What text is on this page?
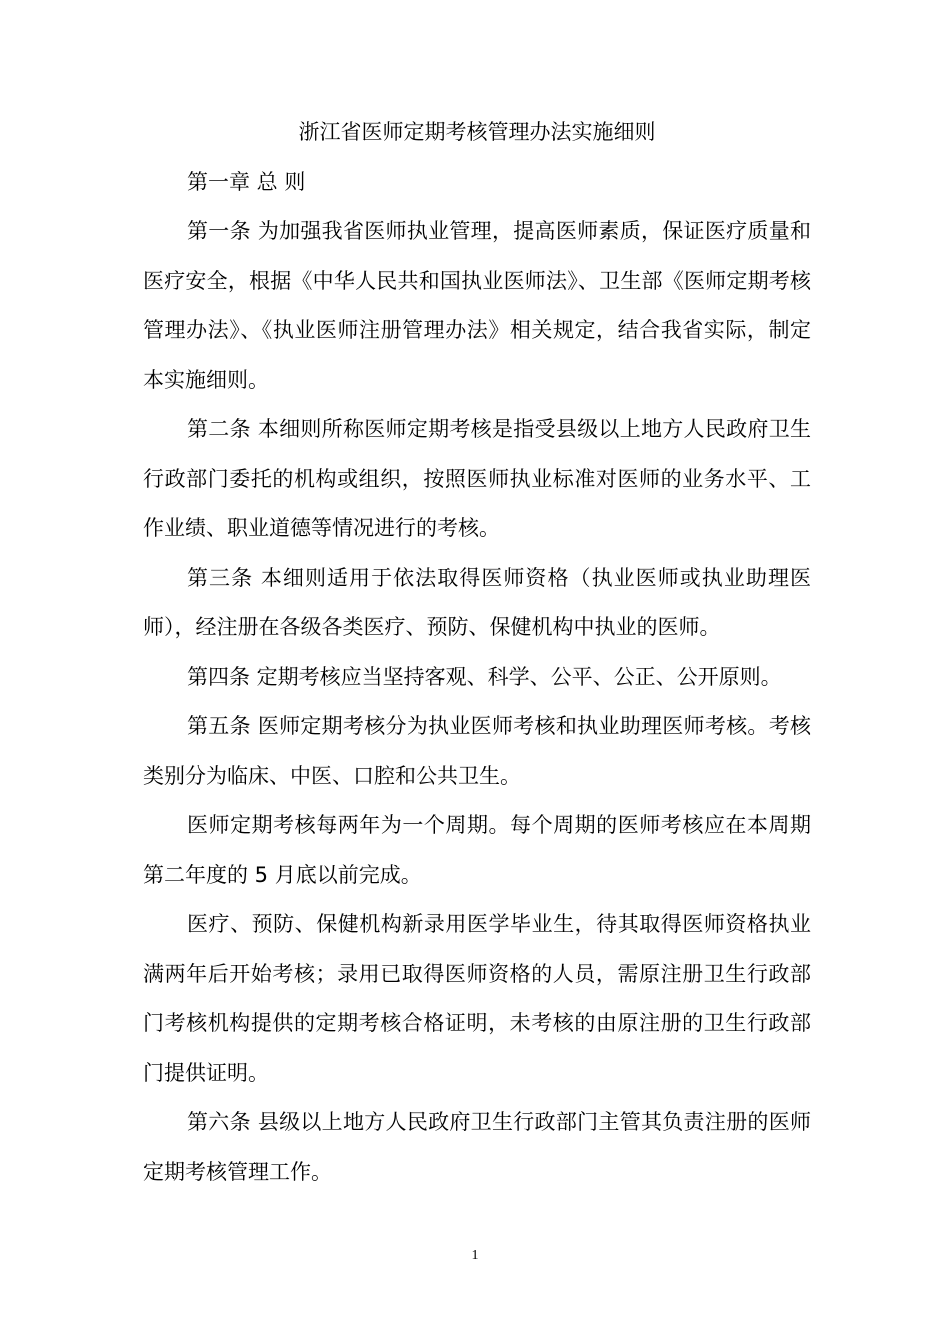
浙江省医师定期考核管理办法实施细则

第一章 总 则

第一条 为加强我省医师执业管理，提高医师素质，保证医疗质量和医疗安全，根据《中华人民共和国执业医师法》、卫生部《医师定期考核管理办法》、《执业医师注册管理办法》相关规定，结合我省实际，制定本实施细则。

第二条 本细则所称医师定期考核是指受县级以上地方人民政府卫生行政部门委托的机构或组织，按照医师执业标准对医师的业务水平、工作业绩、职业道德等情况进行的考核。

第三条 本细则适用于依法取得医师资格（执业医师或执业助理医师），经注册在各级各类医疗、预防、保健机构中执业的医师。

第四条 定期考核应当坚持客观、科学、公平、公正、公开原则。

第五条 医师定期考核分为执业医师考核和执业助理医师考核。考核类别分为临床、中医、口腔和公共卫生。

医师定期考核每两年为一个周期。每个周期的医师考核应在本周期第二年度的 5 月底以前完成。

医疗、预防、保健机构新录用医学毕业生，待其取得医师资格执业满两年后开始考核；录用已取得医师资格的人员，需原注册卫生行政部门考核机构提供的定期考核合格证明，未考核的由原注册的卫生行政部门提供证明。

第六条 县级以上地方人民政府卫生行政部门主管其负责注册的医师定期考核管理工作。

1
